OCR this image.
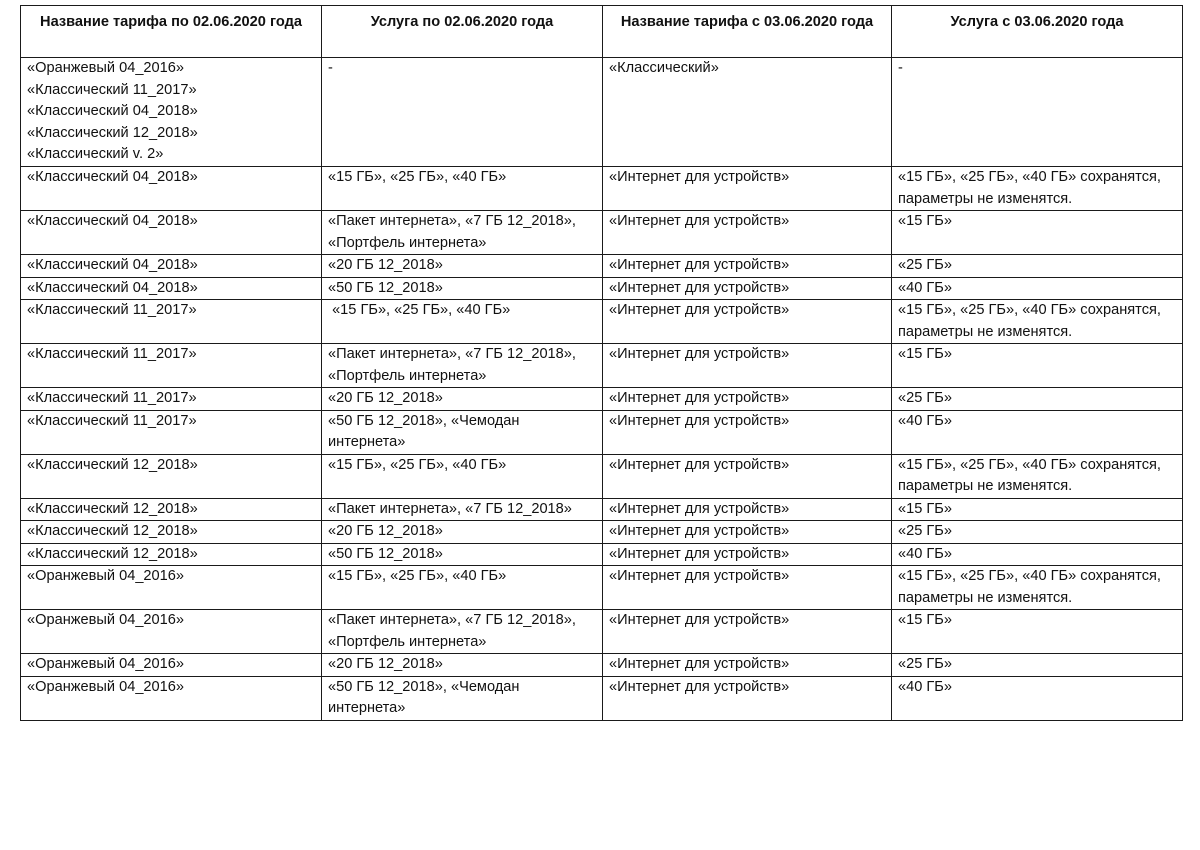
Название тарифа по 02.06.2020 года	Услуга по 02.06.2020 года	Название тарифа с 03.06.2020 года	Услуга с 03.06.2020 года

«Оранжевый 04_2016»
«Классический 11_2017»
«Классический 04_2018»
«Классический 12_2018»
«Классический v. 2»	-	«Классический»	-

«Классический 04_2018»	«15 ГБ», «25 ГБ», «40 ГБ»	«Интернет для устройств»	«15 ГБ», «25 ГБ», «40 ГБ» сохранятся, параметры не изменятся.

«Классический 04_2018»	«Пакет интернета», «7 ГБ 12_2018», «Портфель интернета»	«Интернет для устройств»	«15 ГБ»

«Классический 04_2018»	«20 ГБ 12_2018»	«Интернет для устройств»	«25 ГБ»

«Классический 04_2018»	«50 ГБ 12_2018»	«Интернет для устройств»	«40 ГБ»

«Классический 11_2017»	«15 ГБ», «25 ГБ», «40 ГБ»	«Интернет для устройств»	«15 ГБ», «25 ГБ», «40 ГБ» сохранятся, параметры не изменятся.

«Классический 11_2017»	«Пакет интернета», «7 ГБ 12_2018», «Портфель интернета»	«Интернет для устройств»	«15 ГБ»

«Классический 11_2017»	«20 ГБ 12_2018»	«Интернет для устройств»	«25 ГБ»

«Классический 11_2017»	«50 ГБ 12_2018», «Чемодан интернета»	«Интернет для устройств»	«40 ГБ»

«Классический 12_2018»	«15 ГБ», «25 ГБ», «40 ГБ»	«Интернет для устройств»	«15 ГБ», «25 ГБ», «40 ГБ» сохранятся, параметры не изменятся.

«Классический 12_2018»	«Пакет интернета», «7 ГБ 12_2018»	«Интернет для устройств»	«15 ГБ»

«Классический 12_2018»	«20 ГБ 12_2018»	«Интернет для устройств»	«25 ГБ»

«Классический 12_2018»	«50 ГБ 12_2018»	«Интернет для устройств»	«40 ГБ»

«Оранжевый 04_2016»	«15 ГБ», «25 ГБ», «40 ГБ»	«Интернет для устройств»	«15 ГБ», «25 ГБ», «40 ГБ» сохранятся, параметры не изменятся.

«Оранжевый 04_2016»	«Пакет интернета», «7 ГБ 12_2018», «Портфель интернета»	«Интернет для устройств»	«15 ГБ»

«Оранжевый 04_2016»	«20 ГБ 12_2018»	«Интернет для устройств»	«25 ГБ»

«Оранжевый 04_2016»	«50 ГБ 12_2018», «Чемодан интернета»	«Интернет для устройств»	«40 ГБ»
